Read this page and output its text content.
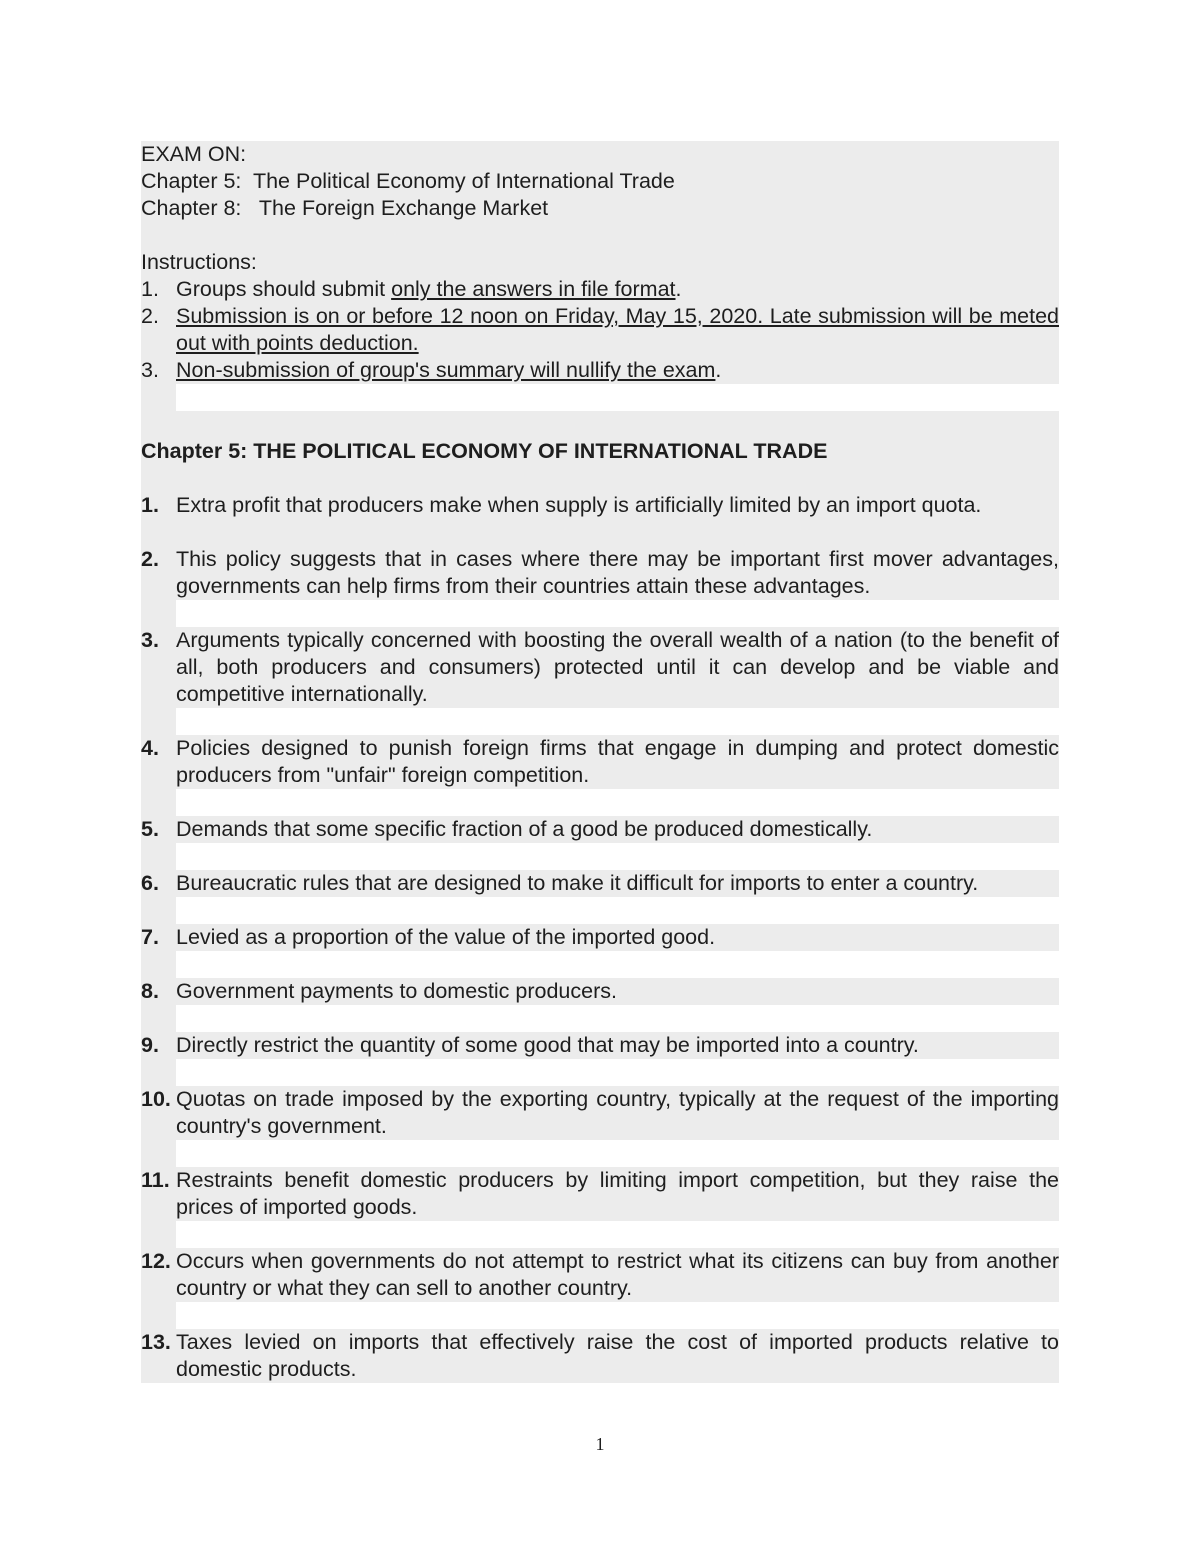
EXAM ON:
Chapter 5:  The Political Economy of International Trade
Chapter 8:   The Foreign Exchange Market
Instructions:
1. Groups should submit only the answers in file format.
2. Submission is on or before 12 noon on Friday, May 15, 2020. Late submission will be meted out with points deduction.
3. Non-submission of group's summary will nullify the exam.
Chapter 5: THE POLITICAL ECONOMY OF INTERNATIONAL TRADE
1. Extra profit that producers make when supply is artificially limited by an import quota.
2. This policy suggests that in cases where there may be important first mover advantages, governments can help firms from their countries attain these advantages.
3. Arguments typically concerned with boosting the overall wealth of a nation (to the benefit of all, both producers and consumers) protected until it can develop and be viable and competitive internationally.
4. Policies designed to punish foreign firms that engage in dumping and protect domestic producers from "unfair" foreign competition.
5. Demands that some specific fraction of a good be produced domestically.
6. Bureaucratic rules that are designed to make it difficult for imports to enter a country.
7. Levied as a proportion of the value of the imported good.
8. Government payments to domestic producers.
9. Directly restrict the quantity of some good that may be imported into a country.
10. Quotas on trade imposed by the exporting country, typically at the request of the importing country's government.
11. Restraints benefit domestic producers by limiting import competition, but they raise the prices of imported goods.
12. Occurs when governments do not attempt to restrict what its citizens can buy from another country or what they can sell to another country.
13. Taxes levied on imports that effectively raise the cost of imported products relative to domestic products.
1
